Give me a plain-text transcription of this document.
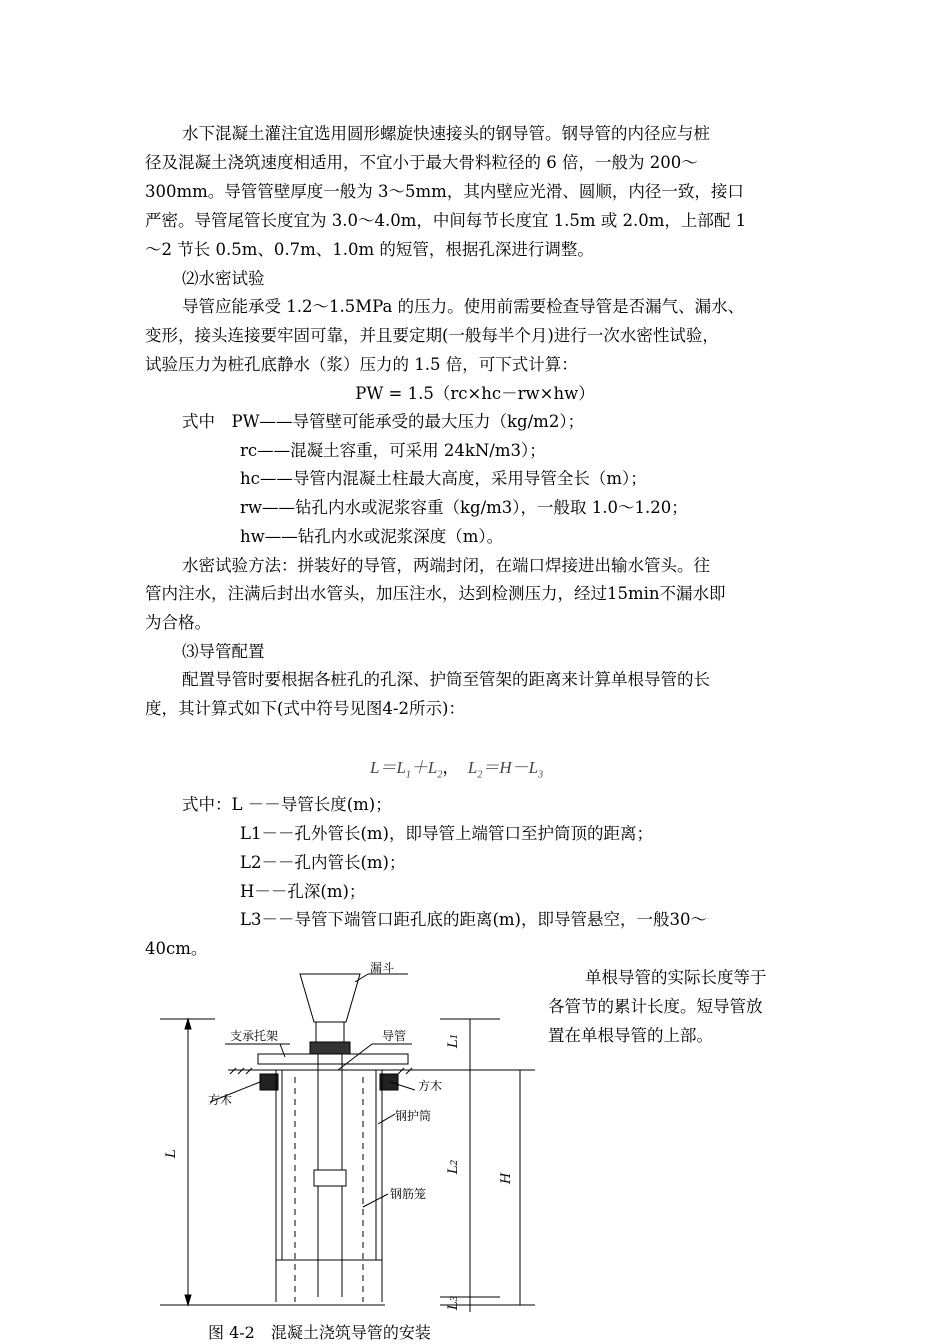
水下混凝土灌注宜选用圆形螺旋快速接头的钢导管。钢导管的内径应与桩

径及混凝土浇筑速度相适用，不宜小于最大骨料粒径的 6 倍，一般为 200～

300mm。导管管壁厚度一般为 3～5mm，其内壁应光滑、圆顺，内径一致，接口

严密。导管尾管长度宜为 3.0～4.0m，中间每节长度宜 1.5m 或 2.0m，上部配 1

～2 节长 0.5m、0.7m、1.0m 的短管，根据孔深进行调整。

⑵水密试验

导管应能承受 1.2～1.5MPa 的压力。使用前需要检查导管是否漏气、漏水、

变形，接头连接要牢固可靠，并且要定期(一般每半个月)进行一次水密性试验，

试验压力为桩孔底静水（浆）压力的 1.5 倍，可下式计算：

PW = 1.5（rc×hc－rw×hw）

式中　PW——导管壁可能承受的最大压力（kg/m2）；

rc——混凝土容重，可采用 24kN/m3）；

hc——导管内混凝土柱最大高度，采用导管全长（m）；

rw——钻孔内水或泥浆容重（kg/m3），一般取 1.0～1.20；

hw——钻孔内水或泥浆深度（m）。

水密试验方法：拼装好的导管，两端封闭，在端口焊接进出输水管头。往

管内注水，注满后封出水管头，加压注水，达到检测压力，经过15min不漏水即

为合格。

⑶导管配置

配置导管时要根据各桩孔的孔深、护筒至管架的距离来计算单根导管的长

度，其计算式如下(式中符号见图4-2所示)：

$L=L_1+L_2$， $L_2=H-L_3$

式中：L －－导管长度(m)；

L1－－孔外管长(m)，即导管上端管口至护筒顶的距离；

L2－－孔内管长(m)；

H－－孔深(m)；

L3－－导管下端管口距孔底的距离(m)，即导管悬空，一般30～

40cm。

单根导管的实际长度等于

各管节的累计长度。短导管放

置在单根导管的上部。

漏斗
支承托架	导管
方木
方木
钢护筒
钢筋笼
L
L1
L2
H
L3

图 4-2　混凝土浇筑导管的安装
